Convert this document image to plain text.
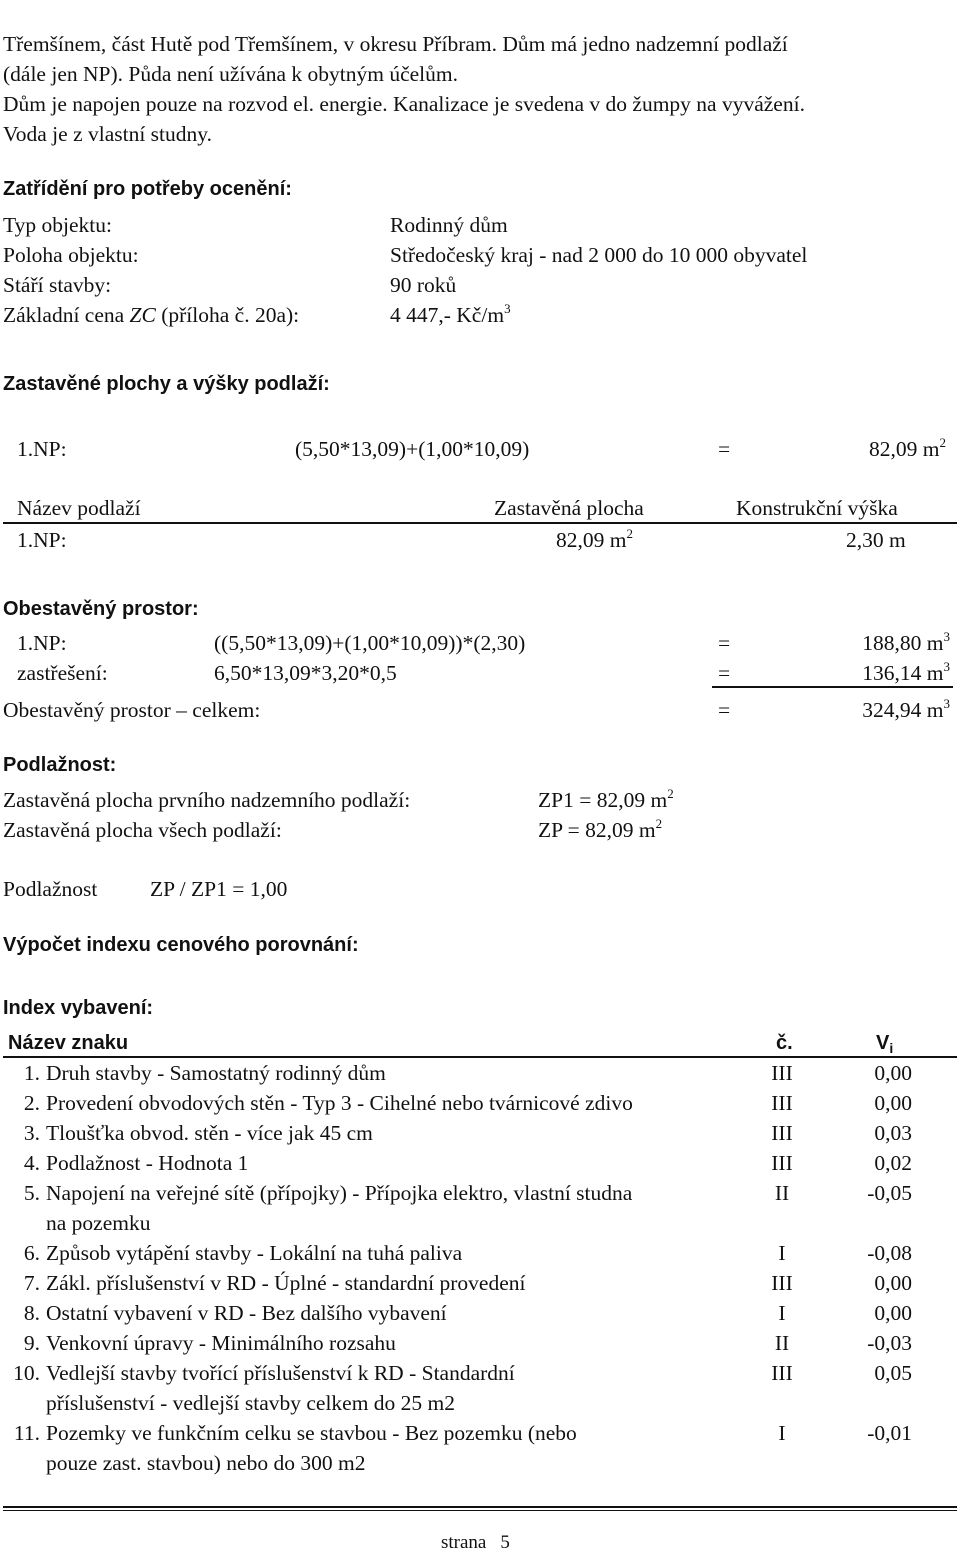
Třemšínem, část Hutě pod Třemšínem, v okresu Příbram. Dům má jedno nadzemní podlaží
(dále jen NP). Půda není užívána k obytným účelům.
Dům je napojen pouze na rozvod el. energie. Kanalizace je svedena v do žumpy na vyvážení.
Voda je z vlastní studny.
Zatřídění pro potřeby ocenění:
Typ objektu:	Rodinný dům
Poloha objektu:	Středočeský kraj - nad 2 000 do 10 000 obyvatel
Stáří stavby:	90 roků
Základní cena ZC (příloha č. 20a):	4 447,- $Kč/m^3$
Zastavěné plochy a výšky podlaží:
1.NP:	(5,50*13,09)+(1,00*10,09)	=	82,09 $m^2$
Název podlaží	Zastavěná plocha	Konstrukční výška
1.NP:	82,09 $m^2$	2,30 m
Obestavěný prostor:
1.NP:	((5,50*13,09)+(1,00*10,09))*(2,30)	=	188,80 $m^3$
zastřešení:	6,50*13,09*3,20*0,5	=	136,14 $m^3$
Obestavěný prostor – celkem:	=	324,94 $m^3$
Podlažnost:
Zastavěná plocha prvního nadzemního podlaží:	ZP1 = 82,09 $m^2$
Zastavěná plocha všech podlaží:	ZP = 82,09 $m^2$
Podlažnost ZP / ZP1 = 1,00
Výpočet indexu cenového porovnání:
Index vybavení:
Název znaku	č.	$V_i$
1. Druh stavby - Samostatný rodinný dům	III	0,00
2. Provedení obvodových stěn - Typ 3 - Cihelné nebo tvárnicové zdivo	III	0,00
3. Tloušťka obvod. stěn - více jak 45 cm	III	0,03
4. Podlažnost - Hodnota 1	III	0,02
5. Napojení na veřejné sítě (přípojky) - Přípojka elektro, vlastní studna
na pozemku
II	-0,05
6. Způsob vytápění stavby - Lokální na tuhá paliva	I	-0,08
7. Zákl. příslušenství v RD - Úplné - standardní provedení	III	0,00
8. Ostatní vybavení v RD - Bez dalšího vybavení	I	0,00
9. Venkovní úpravy - Minimálního rozsahu	II	-0,03
10. Vedlejší stavby tvořící příslušenství k RD - Standardní
příslušenství - vedlejší stavby celkem do 25 m2
III	0,05
11. Pozemky ve funkčním celku se stavbou - Bez pozemku (nebo
pouze zast. stavbou) nebo do 300 m2
I	-0,01
strana 5
